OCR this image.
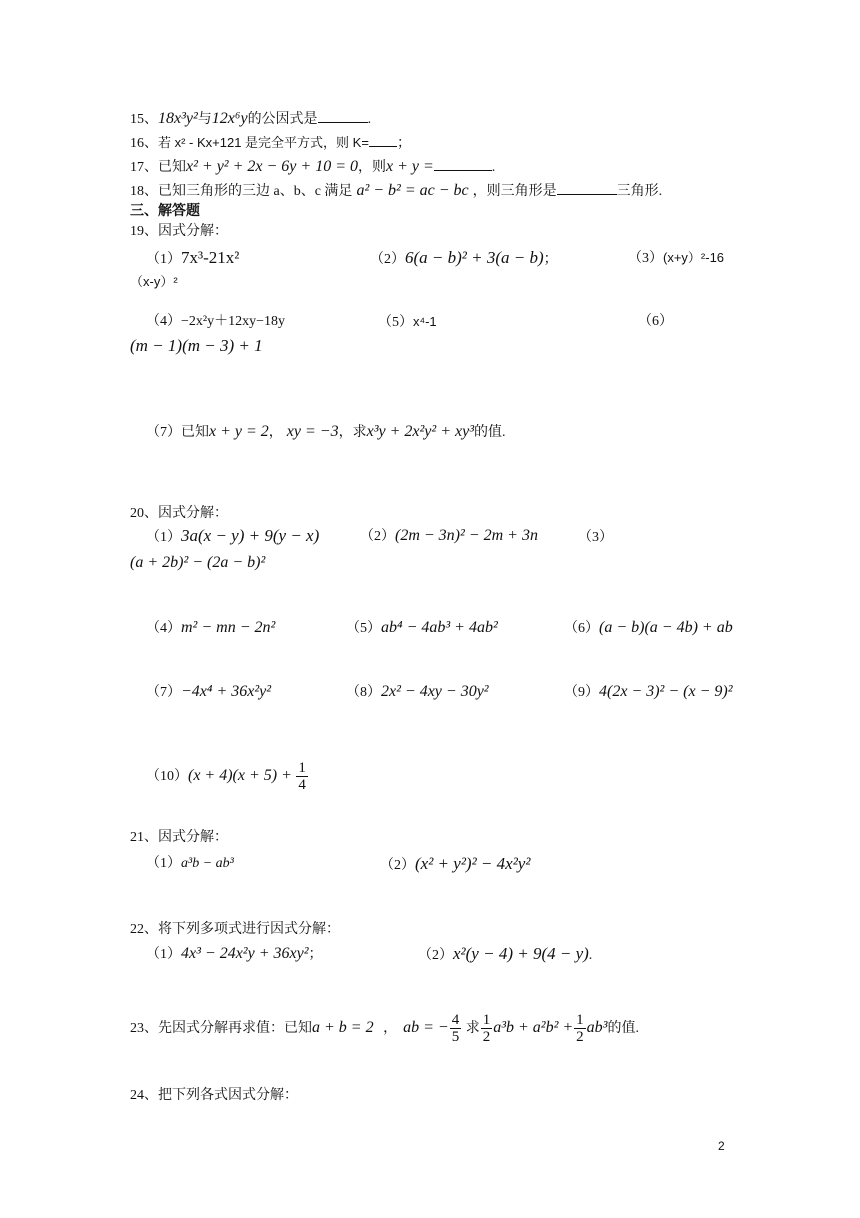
15、18x³y²与12x⁶y的公因式是	.
16、若 x² ‑ Kx+121 是完全平方式，则 K= ；
17、已知x² + y² + 2x − 6y + 10 = 0，则x + y =	.
18、已知三角形的三边 a、b、c 满足 a² − b² = ac − bc ，则三角形是	三角形.
三、解答题
19、因式分解：
（1）7x³-21x²	（2）6(a − b)² + 3(a − b)；	（3）(x+y）²-16
（x-y）²
（4）−2x²y＋12xy−18y	（5）x⁴-1	（6）
(m − 1)(m − 3) + 1
（7）已知x + y = 2， xy = −3，求x³y + 2x²y² + xy³的值.
20、因式分解：
（1）3a(x − y) + 9(y − x)	（2）(2m − 3n)² − 2m + 3n	（3）
(a + 2b)² − (2a − b)²
（4）m² − mn − 2n²	（5）ab⁴ − 4ab³ + 4ab²	（6）(a − b)(a − 4b) + ab
（7）−4x⁴ + 36x²y²	（8）2x² − 4xy − 30y²	（9）4(2x − 3)² − (x − 9)²
$(10)(x + 4)(x + 5) + \frac{1}{4}$
21、因式分解：
（1）a³b − ab³	（2）(x² + y²)² − 4x²y²
22、将下列多项式进行因式分解：
（1）4x³ − 24x²y + 36xy²；	（2）x²(y − 4) + 9(4 − y).
23、先因式分解再求值：已知a + b = 2 ， ab = − $\frac{4}{5}$ 求 $\frac{1}{2} a^3b + a^2b^2 + \frac{1}{2} ab^3$的值.
24、把下列各式因式分解：
2
